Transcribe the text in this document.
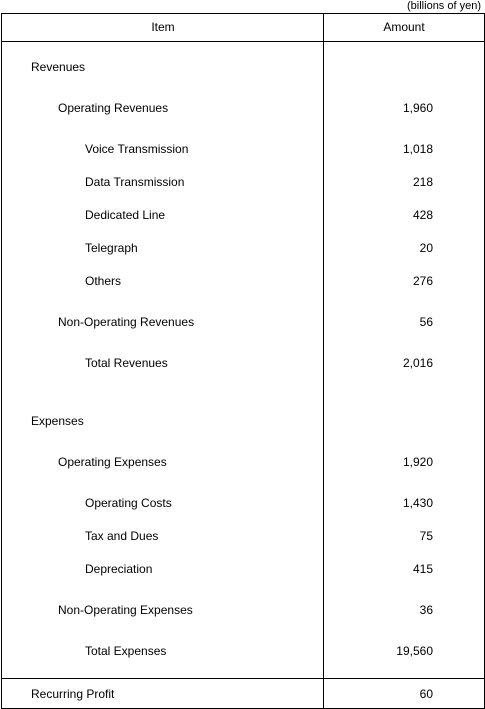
(billions of yen)
Item	Amount
Revenues
Operating Revenues	1,960
Voice Transmission	1,018
Data Transmission	218
Dedicated Line	428
Telegraph	20
Others	276
Non-Operating Revenues	56
Total Revenues	2,016
Expenses
Operating Expenses	1,920
Operating Costs	1,430
Tax and Dues	75
Depreciation	415
Non-Operating Expenses	36
Total Expenses	19,560
Recurring Profit	60
